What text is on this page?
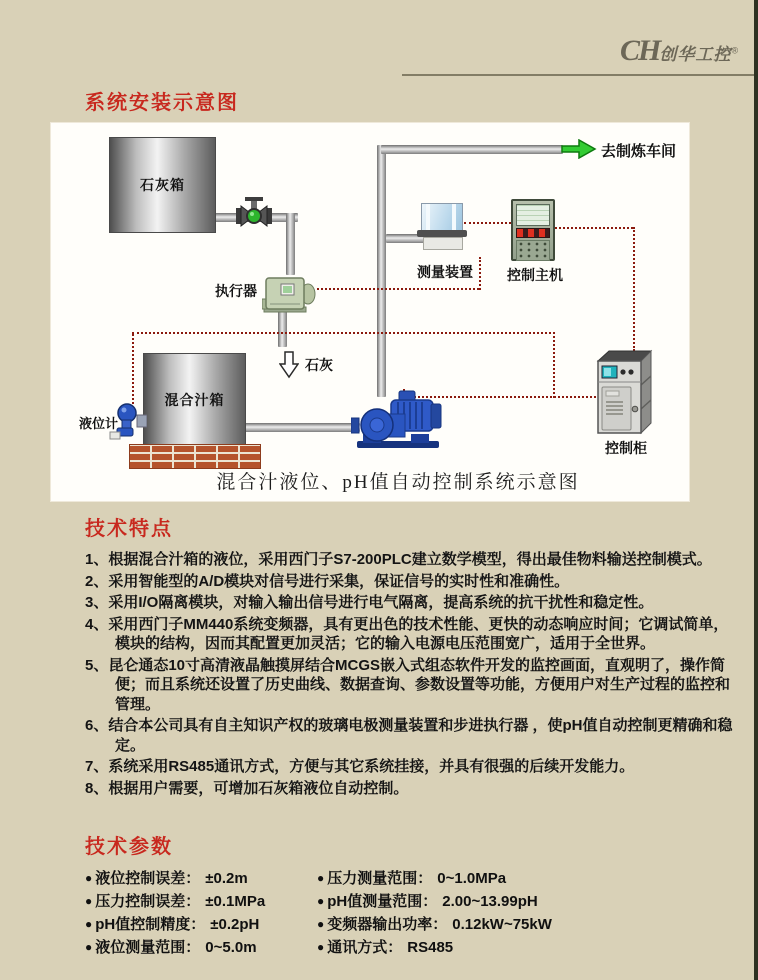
CH创华工控®
系统安装示意图
石灰箱
执行器
石灰
混合汁箱
液位计
测量装置	控制主机
控制柜
去制炼车间
混合汁液位、pH值自动控制系统示意图
技术特点
1、根据混合汁箱的液位，采用西门子S7-200PLC建立数学模型，得出最佳物料输送控制模式。
2、采用智能型的A/D模块对信号进行采集，保证信号的实时性和准确性。
3、采用I/O隔离模块，对输入输出信号进行电气隔离，提高系统的抗干扰性和稳定性。
4、采用西门子MM440系统变频器，具有更出色的技术性能、更快的动态响应时间；它调试简单，模块的结构，因而其配置更加灵活；它的输入电源电压范围宽广，适用于全世界。
5、昆仑通态10寸高清液晶触摸屏结合MCGS嵌入式组态软件开发的监控画面，直观明了，操作简便；而且系统还设置了历史曲线、数据查询、参数设置等功能，方便用户对生产过程的监控和管理。
6、结合本公司具有自主知识产权的玻璃电极测量装置和步进执行器 ，使pH值自动控制更精确和稳定。
7、系统采用RS485通讯方式，方便与其它系统挂接，并具有很强的后续开发能力。
8、根据用户需要，可增加石灰箱液位自动控制。
技术参数
● 液位控制误差： ±0.2m	● 压力测量范围： 0~1.0MPa
● 压力控制误差： ±0.1MPa	● pH值测量范围： 2.00~13.99pH
● pH值控制精度： ±0.2pH	● 变频器输出功率： 0.12kW~75kW
● 液位测量范围： 0~5.0m	● 通讯方式： RS485
